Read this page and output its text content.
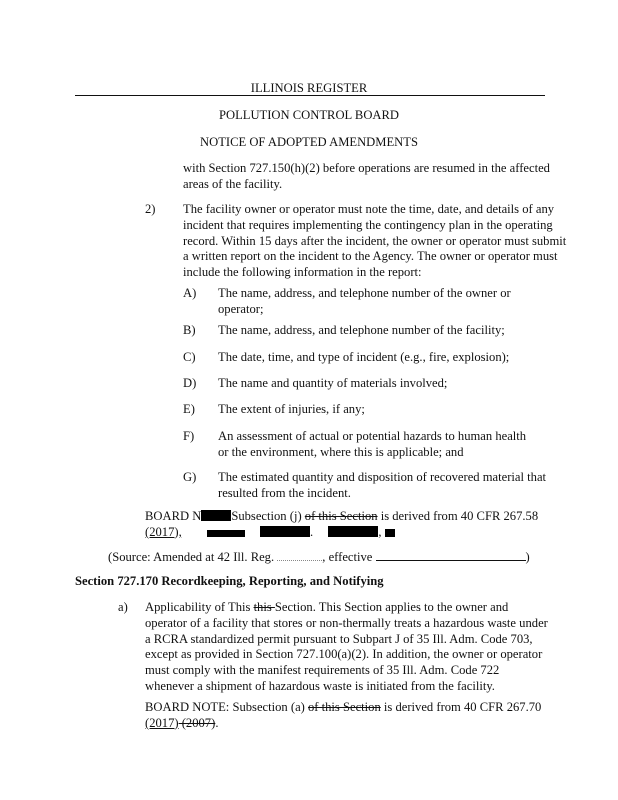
ILLINOIS REGISTER
POLLUTION CONTROL BOARD
NOTICE OF ADOPTED AMENDMENTS
with Section 727.150(h)(2) before operations are resumed in the affected areas of the facility.
2) The facility owner or operator must note the time, date, and details of any incident that requires implementing the contingency plan in the operating record. Within 15 days after the incident, the owner or operator must submit a written report on the incident to the Agency. The owner or operator must include the following information in the report:
A) The name, address, and telephone number of the owner or operator;
B) The name, address, and telephone number of the facility;
C) The date, time, and type of incident (e.g., fire, explosion);
D) The name and quantity of materials involved;
E) The extent of injuries, if any;
F) An assessment of actual or potential hazards to human health or the environment, where this is applicable; and
G) The estimated quantity and disposition of recovered material that resulted from the incident.
BOARD N Subsection (j) of this Section is derived from 40 CFR 267.58
(2017),	.	,
(Source: Amended at 42 Ill. Reg.	, effective	)
Section 727.170 Recordkeeping, Reporting, and Notifying
a) Applicability of This this Section. This Section applies to the owner and operator of a facility that stores or non-thermally treats a hazardous waste under a RCRA standardized permit pursuant to Subpart J of 35 Ill. Adm. Code 703, except as provided in Section 727.100(a)(2). In addition, the owner or operator must comply with the manifest requirements of 35 Ill. Adm. Code 722 whenever a shipment of hazardous waste is initiated from the facility.
BOARD NOTE: Subsection (a) of this Section is derived from 40 CFR 267.70 (2017) (2007).
